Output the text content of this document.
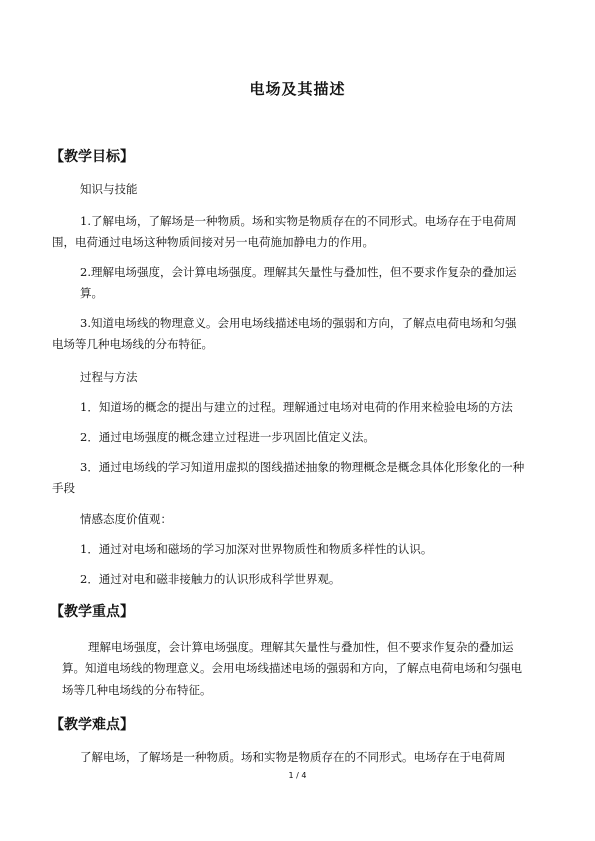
电场及其描述
【教学目标】
知识与技能
1.了解电场，了解场是一种物质。场和实物是物质存在的不同形式。电场存在于电荷周
围，电荷通过电场这种物质间接对另一电荷施加静电力的作用。
2.理解电场强度，会计算电场强度。理解其矢量性与叠加性，但不要求作复杂的叠加运
算。
3.知道电场线的物理意义。会用电场线描述电场的强弱和方向，了解点电荷电场和匀强
电场等几种电场线的分布特征。
过程与方法
1．知道场的概念的提出与建立的过程。理解通过电场对电荷的作用来检验电场的方法
2．通过电场强度的概念建立过程进一步巩固比值定义法。
3．通过电场线的学习知道用虚拟的图线描述抽象的物理概念是概念具体化形象化的一种
手段
情感态度价值观：
1．通过对电场和磁场的学习加深对世界物质性和物质多样性的认识。
2．通过对电和磁非接触力的认识形成科学世界观。
【教学重点】
理解电场强度，会计算电场强度。理解其矢量性与叠加性，但不要求作复杂的叠加运
算。知道电场线的物理意义。会用电场线描述电场的强弱和方向，了解点电荷电场和匀强电
场等几种电场线的分布特征。
【教学难点】
了解电场，了解场是一种物质。场和实物是物质存在的不同形式。电场存在于电荷周
1 / 4
